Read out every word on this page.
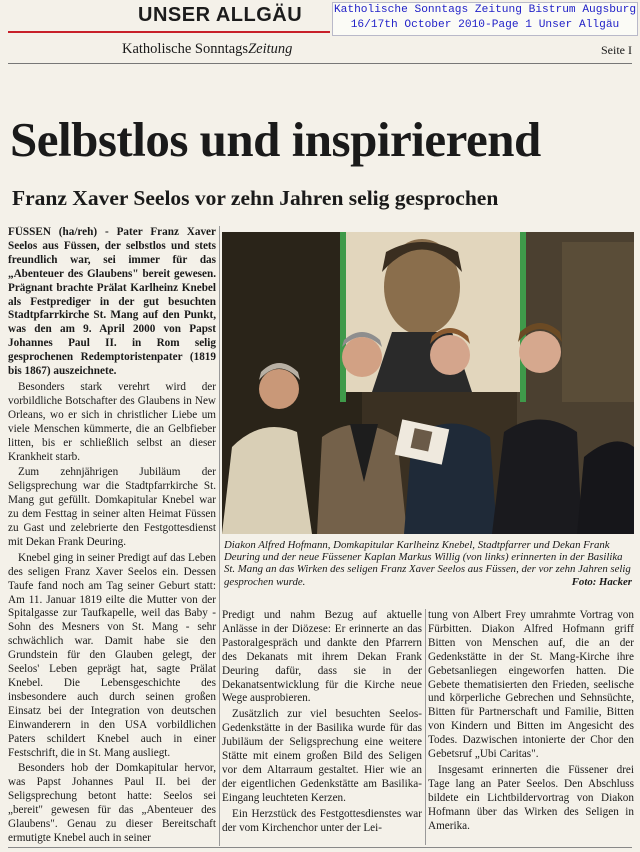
UNSER ALLGÄU	Katholische Sonntags Zeitung Bistrum Augsburg
16/17th October 2010-Page 1 Unser Allgäu
Katholische SonntagsZeitung	Seite I
Selbstlos und inspirierend
Franz Xaver Seelos vor zehn Jahren selig gesprochen

FÜSSEN (ha/reh) - Pater Franz Xaver Seelos aus Füssen, der selbstlos und stets freundlich war, sei immer für das „Abenteuer des Glaubens" bereit gewesen. Prägnant brachte Prälat Karlheinz Knebel als Festprediger in der gut besuchten Stadtpfarrkirche St. Mang auf den Punkt, was den am 9. April 2000 von Papst Johannes Paul II. in Rom selig gesprochenen Redemptoristenpater (1819 bis 1867) auszeichnete.

Besonders stark verehrt wird der vorbildliche Botschafter des Glaubens in New Orleans, wo er sich in christlicher Liebe um viele Menschen kümmerte, die an Gelbfieber litten, bis er schließlich selbst an dieser Krankheit starb.

Zum zehnjährigen Jubiläum der Seligsprechung war die Stadtpfarrkirche St. Mang gut gefüllt. Domkapitular Knebel war zu dem Festtag in seiner alten Heimat Füssen zu Gast und zelebrierte den Festgottesdienst mit Dekan Frank Deuring.

Knebel ging in seiner Predigt auf das Leben des seligen Franz Xaver Seelos ein. Dessen Taufe fand noch am Tag seiner Geburt statt: Am 11. Januar 1819 eilte die Mutter von der Spitalgasse zur Taufkapelle, weil das Baby - Sohn des Mesners von St. Mang - sehr schwächlich war. Damit habe sie den Grundstein für den Glauben gelegt, der Seelos' Leben geprägt hat, sagte Prälat Knebel. Die Lebensgeschichte des insbesondere auch durch seinen großen Einsatz bei der Integration von deutschen Einwanderern in den USA vorbildlichen Paters schildert Knebel auch in einer Festschrift, die in St. Mang ausliegt.

Besonders hob der Domkapitular hervor, was Papst Johannes Paul II. bei der Seligsprechung betont hatte: Seelos sei „bereit" gewesen für das „Abenteuer des Glaubens". Genau zu dieser Bereitschaft ermutigte Knebel auch in seiner

Diakon Alfred Hofmann, Domkapitular Karlheinz Knebel, Stadtpfarrer und Dekan Frank Deuring und der neue Füssener Kaplan Markus Willig (von links) erinnerten in der Basilika St. Mang an das Wirken des seligen Franz Xaver Seelos aus Füssen, der vor zehn Jahren selig gesprochen wurde.	Foto: Hacker

Predigt und nahm Bezug auf aktuelle Anlässe in der Diözese: Er erinnerte an das Pastoralgespräch und dankte den Pfarrern des Dekanats mit ihrem Dekan Frank Deuring dafür, dass sie in der Dekanatsentwicklung für die Kirche neue Wege ausprobieren.

Zusätzlich zur viel besuchten Seelos-Gedenkstätte in der Basilika wurde für das Jubiläum der Seligsprechung eine weitere Stätte mit einem großen Bild des Seligen vor dem Altarraum gestaltet. Hier wie an der eigentlichen Gedenkstätte am Basilika-Eingang leuchteten Kerzen.

Ein Herzstück des Festgottesdienstes war der vom Kirchenchor unter der Lei-

tung von Albert Frey umrahmte Vortrag von Fürbitten. Diakon Alfred Hofmann griff Bitten von Menschen auf, die an der Gedenkstätte in der St. Mang-Kirche ihre Gebetsanliegen eingeworfen hatten. Die Gebete thematisierten den Frieden, seelische und körperliche Gebrechen und Sehnsüchte, Bitten für Partnerschaft und Familie, Bitten von Kindern und Bitten im Angesicht des Todes. Dazwischen intonierte der Chor den Gebetsruf „Ubi Caritas".

Insgesamt erinnerten die Füssener drei Tage lang an Pater Seelos. Den Abschluss bildete ein Lichtbildervortrag von Diakon Hofmann über das Wirken des Seligen in Amerika.
